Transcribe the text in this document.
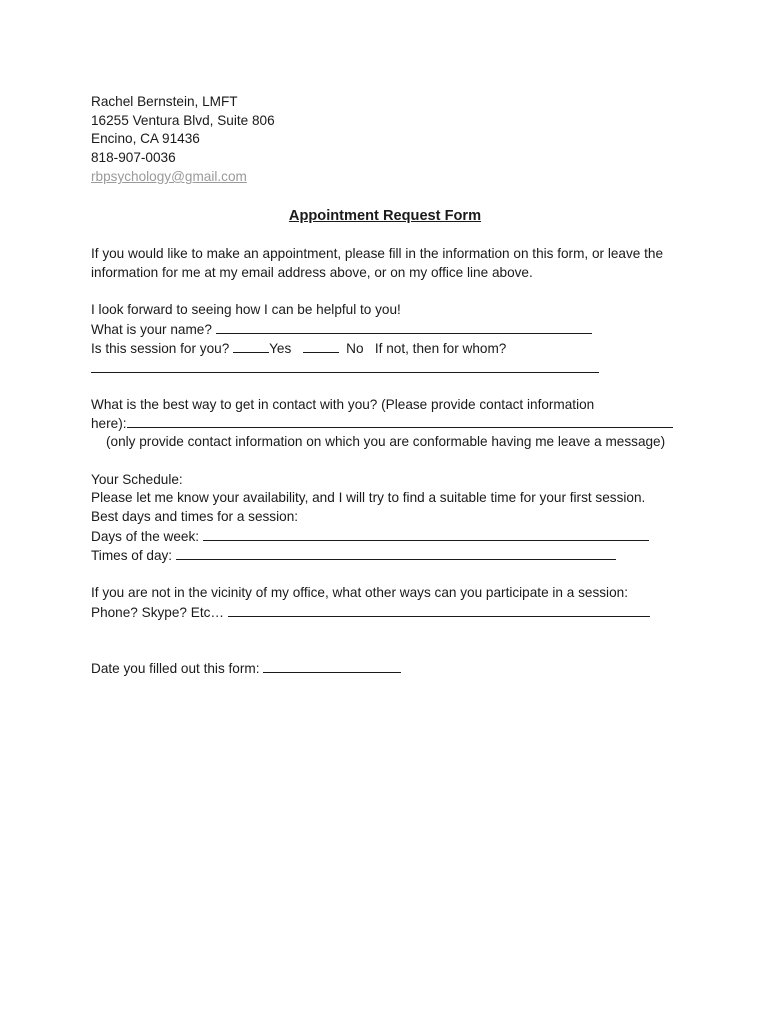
Rachel Bernstein, LMFT
16255 Ventura Blvd, Suite 806
Encino, CA 91436
818-907-0036
rbpsychology@gmail.com
Appointment Request Form
If you would like to make an appointment, please fill in the information on this form, or leave the
information for me at my email address above, or on my office line above.
I look forward to seeing how I can be helpful to you!
What is your name?
Is this session for you?	Yes	No If not, then for whom?
What is the best way to get in contact with you? (Please provide contact information
here):
(only provide contact information on which you are conformable having me leave a message)
Your Schedule:
Please let me know your availability, and I will try to find a suitable time for your first session.
Best days and times for a session:
Days of the week:
Times of day:
If you are not in the vicinity of my office, what other ways can you participate in a session:
Phone? Skype? Etc…
Date you filled out this form:
